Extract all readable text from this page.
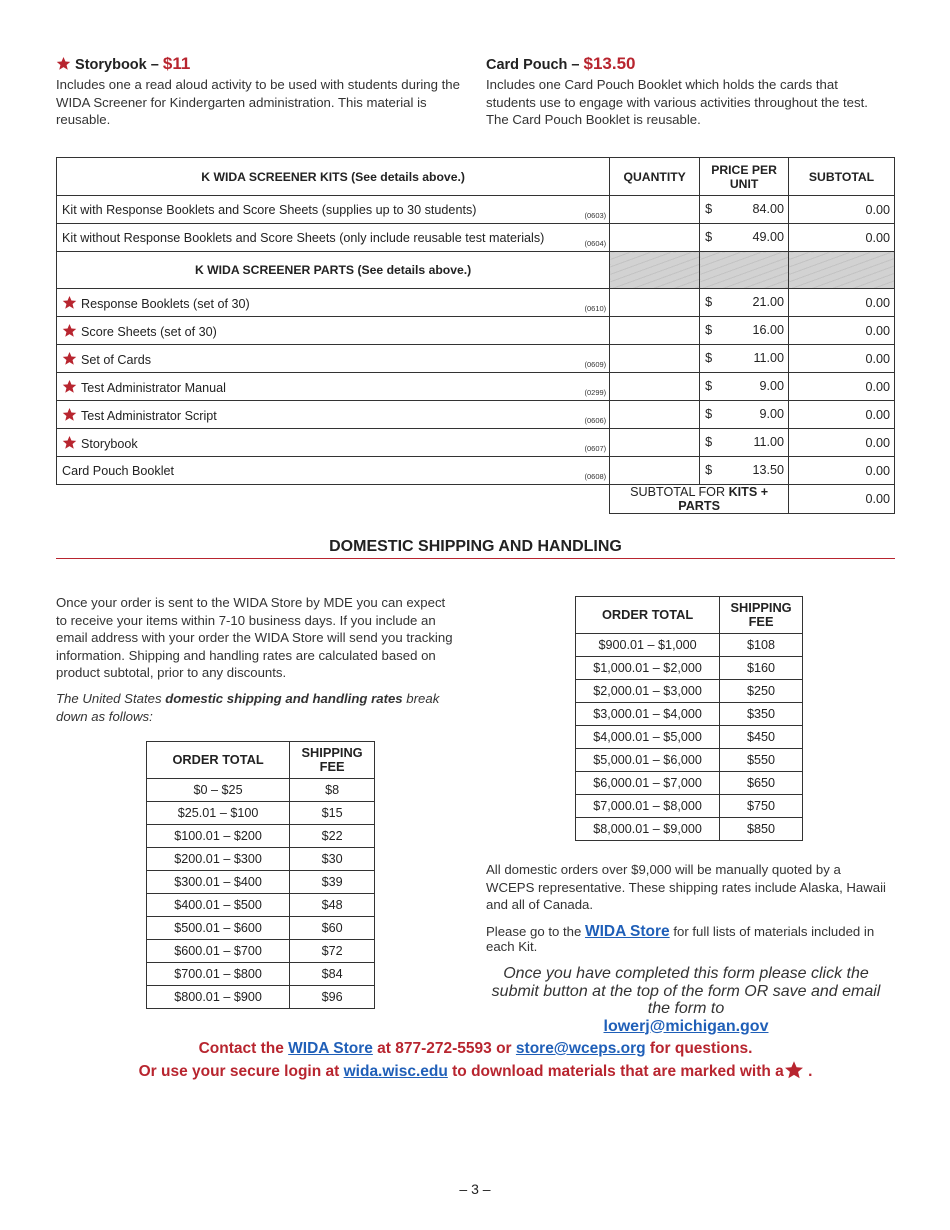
Storybook – $11

Includes one a read aloud activity to be used with students during the WIDA Screener for Kindergarten administration. This material is reusable.

Card Pouch – $13.50

Includes one Card Pouch Booklet which holds the cards that students use to engage with various activities throughout the test. The Card Pouch Booklet is reusable.

K WIDA SCREENER KITS (See details above.)	QUANTITY	PRICE PER UNIT	SUBTOTAL
Kit with Response Booklets and Score Sheets (supplies up to 30 students) (0603)		$ 84.00	0.00
Kit without Response Booklets and Score Sheets (only include reusable test materials) (0604)		$ 49.00	0.00
K WIDA SCREENER PARTS (See details above.)			

Response Booklets (set of 30) (0610)		$ 21.00	0.00

Score Sheets (set of 30)		$ 16.00	0.00

Set of Cards (0609)		$ 11.00	0.00

Test Administrator Manual (0299)		$ 9.00	0.00

Test Administrator Script (0606)		$ 9.00	0.00

Storybook (0607)		$ 11.00	0.00
Card Pouch Booklet (0608)		$ 13.50	0.00
	SUBTOTAL FOR KITS + PARTS		0.00
DOMESTIC SHIPPING AND HANDLING
Once your order is sent to the WIDA Store by MDE you can expect to receive your items within 7-10 business days. If you include an email address with your order the WIDA Store will send you tracking information. Shipping and handling rates are calculated based on product subtotal, prior to any discounts.
The United States domestic shipping and handling rates break down as follows:
ORDER TOTAL	SHIPPING FEE
$0 – $25	$8
$25.01 – $100	$15
$100.01 – $200	$22
$200.01 – $300	$30
$300.01 – $400	$39
$400.01 – $500	$48
$500.01 – $600	$60
$600.01 – $700	$72
$700.01 – $800	$84
$800.01 – $900	$96
ORDER TOTAL	SHIPPING FEE
$900.01 – $1,000	$108
$1,000.01 – $2,000	$160
$2,000.01 – $3,000	$250
$3,000.01 – $4,000	$350
$4,000.01 – $5,000	$450
$5,000.01 – $6,000	$550
$6,000.01 – $7,000	$650
$7,000.01 – $8,000	$750
$8,000.01 – $9,000	$850
All domestic orders over $9,000 will be manually quoted by a WCEPS representative. These shipping rates include Alaska, Hawaii and all of Canada.
Please go to the WIDA Store for full lists of materials included in each Kit.
Once you have completed this form please click the submit button at the top of the form OR save and email the form to
lowerj@michigan.gov
Contact the WIDA Store at 877-272-5593 or store@wceps.org for questions.
Or use your secure login at wida.wisc.edu to download materials that are marked with a
.
– 3 –
